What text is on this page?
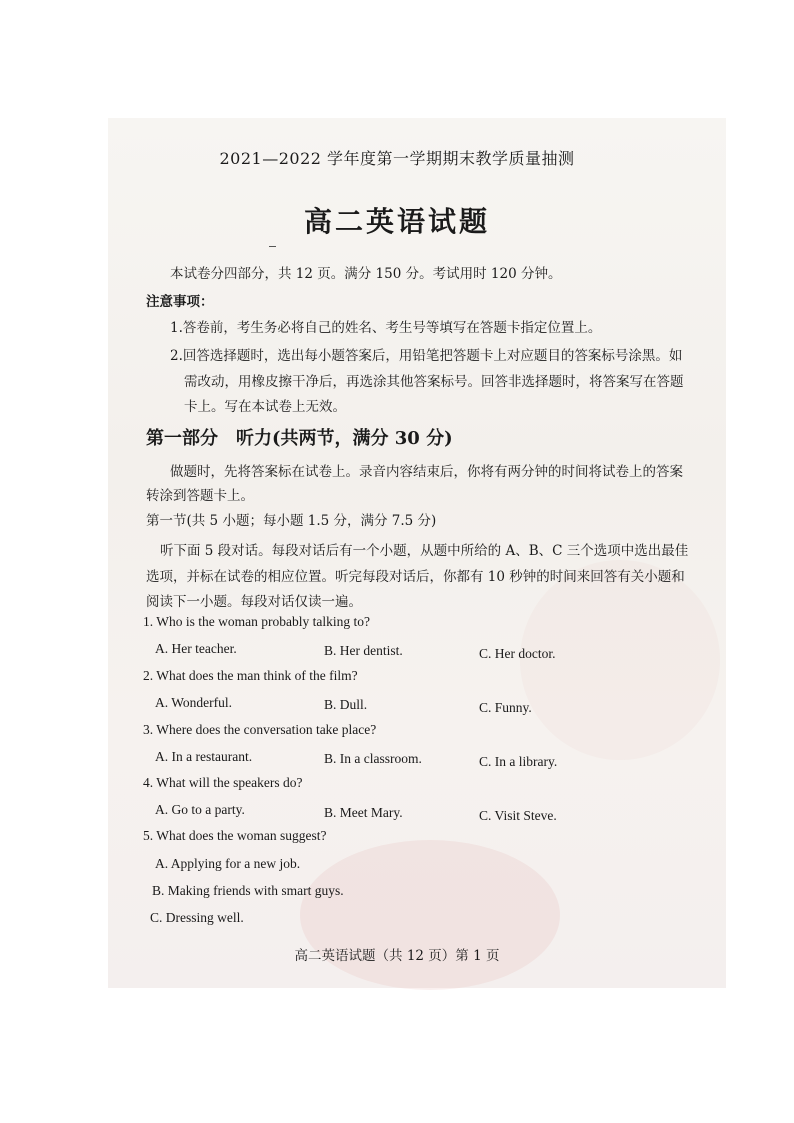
2021—2022 学年度第一学期期末教学质量抽测
高二英语试题
本试卷分四部分，共 12 页。满分 150 分。考试用时 120 分钟。
注意事项：
1.答卷前，考生务必将自己的姓名、考生号等填写在答题卡指定位置上。
2.回答选择题时，选出每小题答案后，用铅笔把答题卡上对应题目的答案标号涂黑。如
需改动，用橡皮擦干净后，再选涂其他答案标号。回答非选择题时，将答案写在答题
卡上。写在本试卷上无效。
第一部分　听力(共两节，满分 30 分)
做题时，先将答案标在试卷上。录音内容结束后，你将有两分钟的时间将试卷上的答案
转涂到答题卡上。
第一节(共 5 小题；每小题 1.5 分，满分 7.5 分)
听下面 5 段对话。每段对话后有一个小题，从题中所给的 A、B、C 三个选项中选出最佳
选项，并标在试卷的相应位置。听完每段对话后，你都有 10 秒钟的时间来回答有关小题和
阅读下一小题。每段对话仅读一遍。
1. Who is the woman probably talking to?
A. Her teacher.	B. Her dentist.	C. Her doctor.
2. What does the man think of the film?
A. Wonderful.	B. Dull.	C. Funny.
3. Where does the conversation take place?
A. In a restaurant.	B. In a classroom.	C. In a library.
4. What will the speakers do?
A. Go to a party.	B. Meet Mary.	C. Visit Steve.
5. What does the woman suggest?
A. Applying for a new job.
B. Making friends with smart guys.
C. Dressing well.
高二英语试题（共 12 页）第 1 页
